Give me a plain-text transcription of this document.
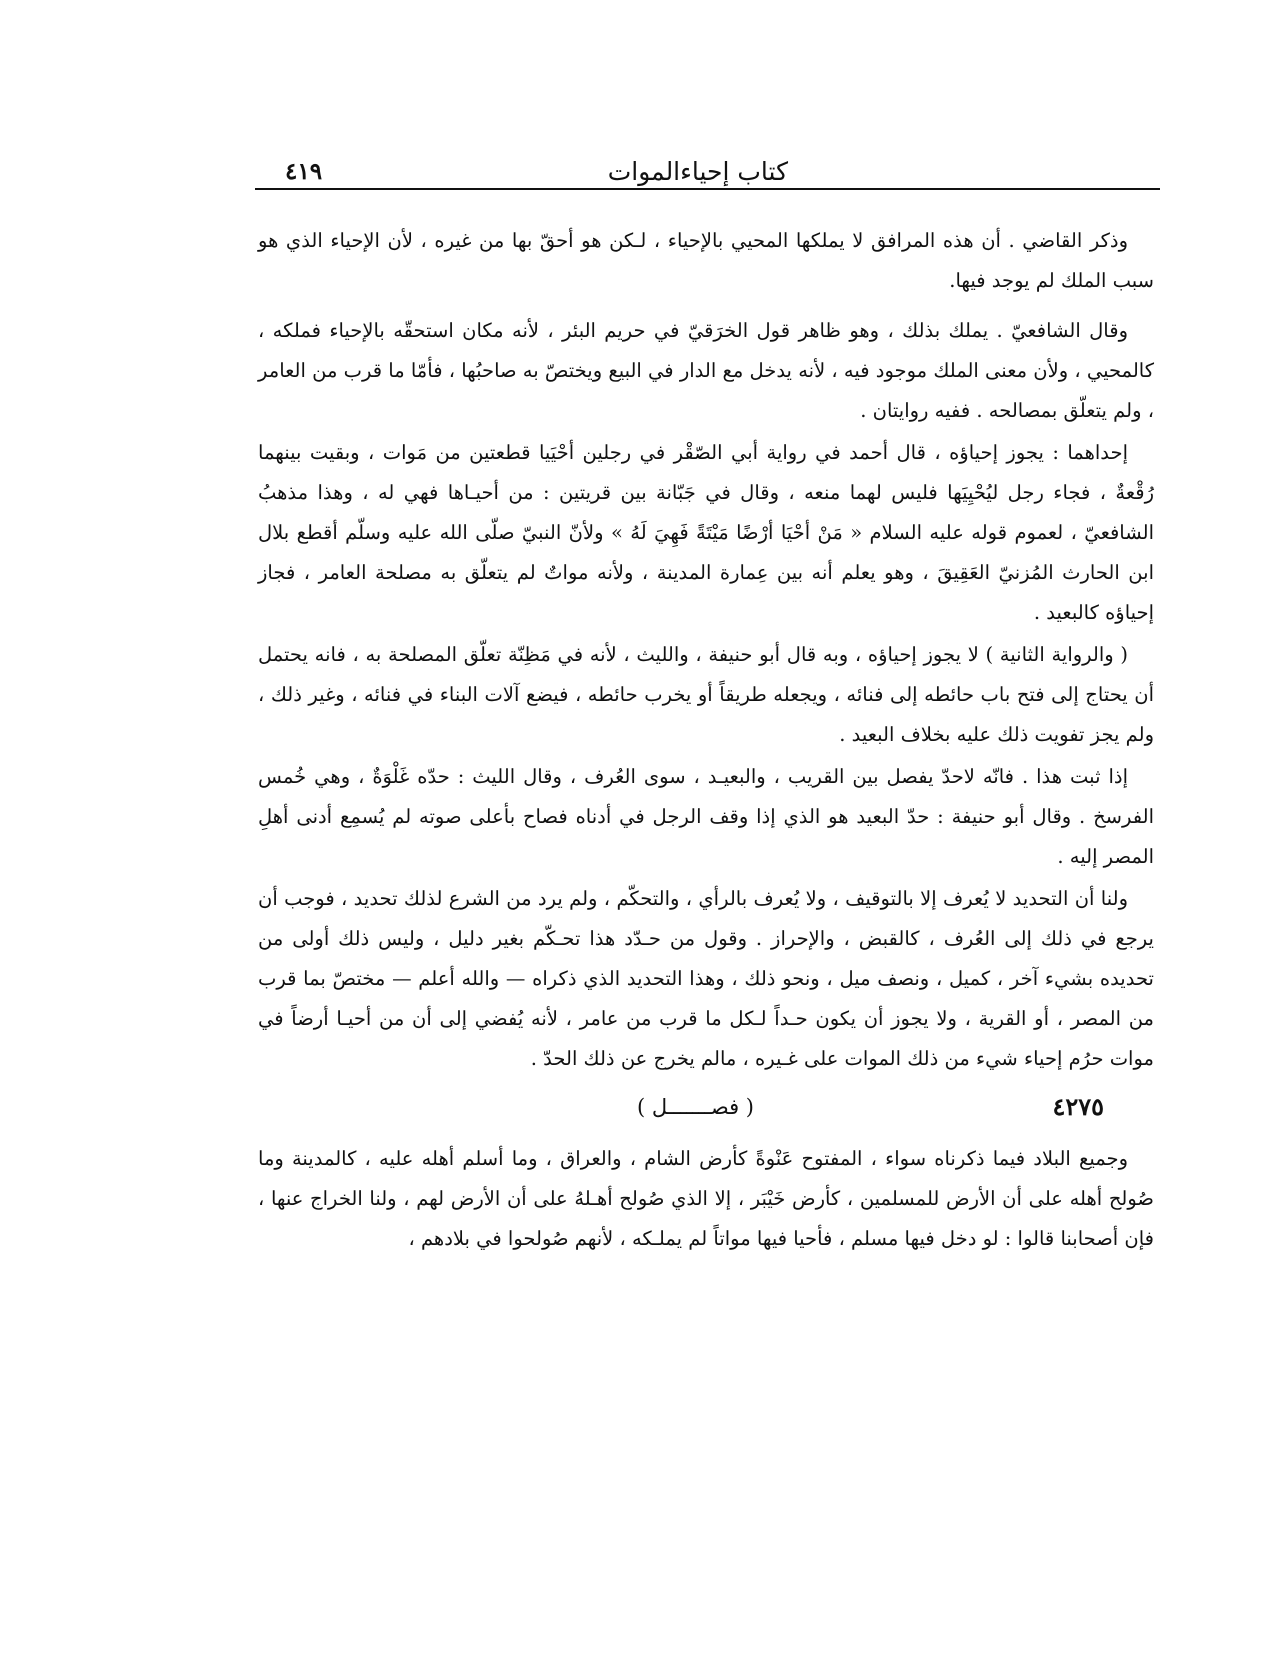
كتاب إحياءالموات
٤١٩

وذكر القاضي . أن هذه المرافق لا يملكها المحيي بالإحياء ، لـكن هو أحقّ بها من غيره ، لأن الإحياء الذي هو سبب الملك لم يوجد فيها.

وقال الشافعيّ . يملك بذلك ، وهو ظاهر قول الخرَقيّ في حريم البئر ، لأنه مكان استحقّه بالإحياء فملكه ، كالمحيي ، ولأن معنى الملك موجود فيه ، لأنه يدخل مع الدار في البيع ويختصّ به صاحبُها ، فأمّا ما قرب من العامر ، ولم يتعلّق بمصالحه . ففيه روايتان .

إحداهما : يجوز إحياؤه ، قال أحمد في رواية أبي الصّقْر في رجلين أحْيَيا قطعتين من مَوات ، وبقيت بينهما رُقْعةٌ ، فجاء رجل ليُحْيِيَها فليس لهما منعه ، وقال في جَبّانة بين قريتين : من أحيـاها فهي له ، وهذا مذهبُ الشافعيّ ، لعموم قوله عليه السلام « مَنْ أحْيَا أرْضًا مَيْتَةً فَهِيَ لَهُ » ولأنّ النبيّ صلّى الله عليه وسلّم أقطع بلال ابن الحارث المُزنيّ العَقِيقَ ، وهو يعلم أنه بين عِمارة المدينة ، ولأنه مواتٌ لم يتعلّق به مصلحة العامر ، فجاز إحياؤه كالبعيد .

( والرواية الثانية ) لا يجوز إحياؤه ، وبه قال أبو حنيفة ، والليث ، لأنه في مَظِنّة تعلّق المصلحة به ، فانه يحتمل أن يحتاج إلى فتح باب حائطه إلى فنائه ، ويجعله طريقاً أو يخرب حائطه ، فيضع آلات البناء في فنائه ، وغير ذلك ، ولم يجز تفويت ذلك عليه بخلاف البعيد .

إذا ثبت هذا . فانّه لاحدّ يفصل بين القريب ، والبعيـد ، سوى العُرف ، وقال الليث : حدّه غَلْوَةٌ ، وهي خُمس الفرسخ . وقال أبو حنيفة : حدّ البعيد هو الذي إذا وقف الرجل في أدناه فصاح بأعلى صوته لم يُسمِع أدنى أهلِ المصر إليه .

ولنا أن التحديد لا يُعرف إلا بالتوقيف ، ولا يُعرف بالرأي ، والتحكّم ، ولم يرد من الشرع لذلك تحديد ، فوجب أن يرجع في ذلك إلى العُرف ، كالقبض ، والإحراز . وقول من حـدّد هذا تحـكّم بغير دليل ، وليس ذلك أولى من تحديده بشيء آخر ، كميل ، ونصف ميل ، ونحو ذلك ، وهذا التحديد الذي ذكراه — والله أعلم — مختصّ بما قرب من المصر ، أو القرية ، ولا يجوز أن يكون حـداً لـكل ما قرب من عامر ، لأنه يُفضي إلى أن من أحيـا أرضاً في موات حرُم إحياء شيء من ذلك الموات على غـيره ، مالم يخرج عن ذلك الحدّ .

٤٢٧٥
( فصـــــــل )

وجميع البلاد فيما ذكرناه سواء ، المفتوح عَنْوةً كأرض الشام ، والعراق ، وما أسلم أهله عليه ، كالمدينة وما صُولح أهله على أن الأرض للمسلمين ، كأرض خَيْبَر ، إلا الذي صُولح أهـلهُ على أن الأرض لهم ، ولنا الخراج عنها ، فإن أصحابنا قالوا : لو دخل فيها مسلم ، فأحيا فيها مواتاً لم يملـكه ، لأنهم صُولحوا في بلادهم ،
